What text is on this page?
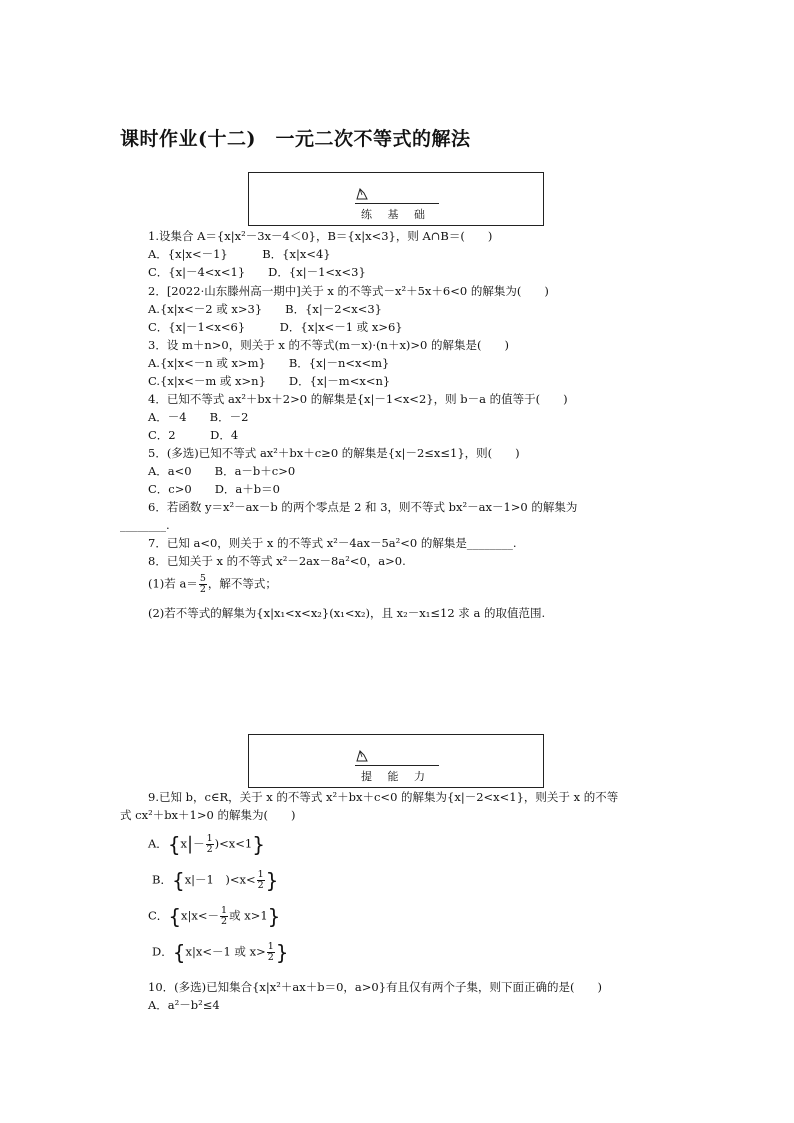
课时作业(十二)　一元二次不等式的解法
练 基 础
1.设集合 A＝{x|x²－3x－4＜0}，B＝{x|x<3}，则 A∩B＝(　　)
A．{x|x<－1}　　　B．{x|x<4}
C．{x|－4<x<1}　　D．{x|－1<x<3}
2．[2022·山东滕州高一期中]关于 x 的不等式－x²＋5x＋6<0 的解集为(　　)
A.{x|x<－2 或 x>3}　　B．{x|－2<x<3}
C．{x|－1<x<6}　　　D．{x|x<－1 或 x>6}
3．设 m＋n>0，则关于 x 的不等式(m－x)·(n＋x)>0 的解集是(　　)
A.{x|x<－n 或 x>m}　　B．{x|－n<x<m}
C.{x|x<－m 或 x>n}　　D．{x|－m<x<n}
4．已知不等式 ax²＋bx＋2>0 的解集是{x|－1<x<2}，则 b－a 的值等于(　　)
A．－4　　B．－2
C．2　　　D．4
5．(多选)已知不等式 ax²＋bx＋c≥0 的解集是{x|－2≤x≤1}，则(　　)
A．a<0　　B．a－b＋c>0
C．c>0　　D．a＋b＝0
6．若函数 y＝x²－ax－b 的两个零点是 2 和 3，则不等式 bx²－ax－1>0 的解集为
________.
7．已知 a<0，则关于 x 的不等式 x²－4ax－5a²<0 的解集是________.
8．已知关于 x 的不等式 x²－2ax－8a²<0，a>0.
(1)若 $a= \frac{5}{2}$ ，解不等式；
(2)若不等式的解集为{x|x₁<x<x₂}(x₁<x₂)，且 x₂－x₁≤12 求 a 的取值范围.
提 能 力
9.已知 b，c∈R，关于 x 的不等式 x²＋bx＋c<0 的解集为{x|－2<x<1}，则关于 x 的不等
式 cx²＋bx＋1>0 的解集为(　　)
A．$\{x|- \frac{1}{2} )<x<1$}
B．{x|－1　)$<x< \frac{1}{2}$ }
C．{$x|x<- \frac{1}{2}$ 或 x>1}
D．{x|x<－1 或 $x> \frac{1}{2}$ }
10．(多选)已知集合{x|x²＋ax＋b＝0，a>0}有且仅有两个子集，则下面正确的是(　　)
A．a²－b²≤4
